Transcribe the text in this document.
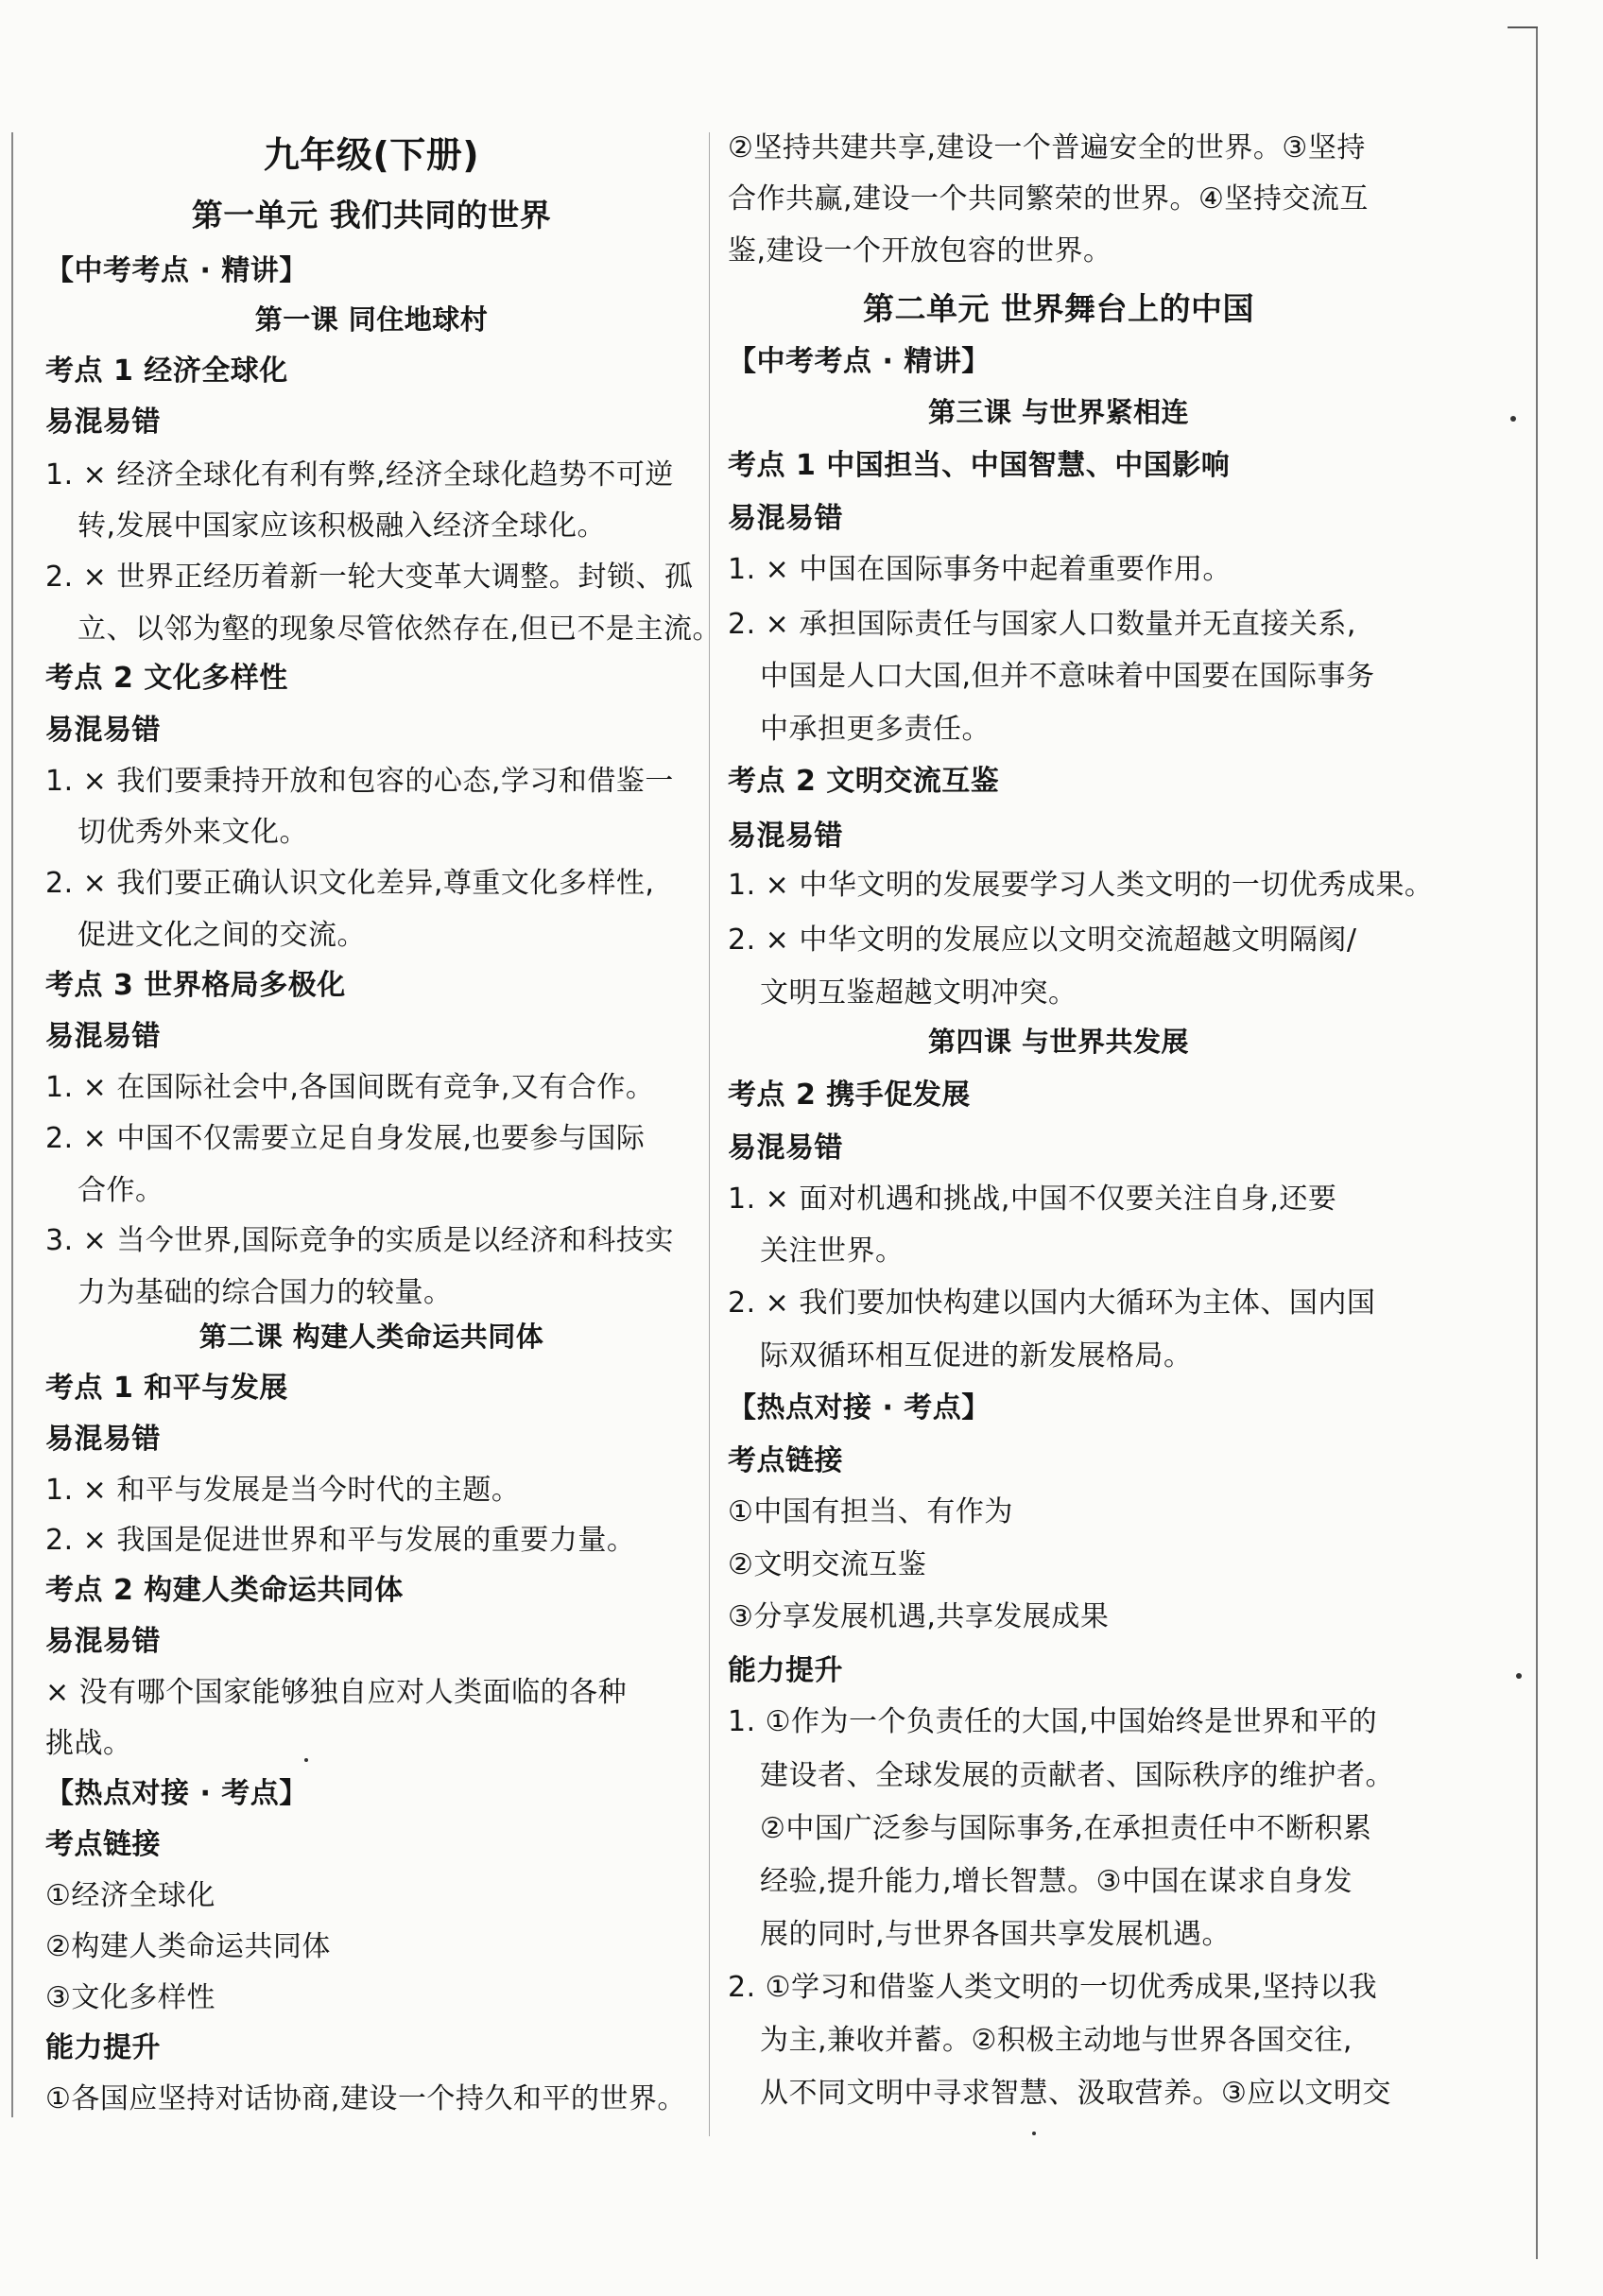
九年级(下册)
第一单元 我们共同的世界
【中考考点 · 精讲】
第一课 同住地球村
考点 1 经济全球化
易混易错
1. × 经济全球化有利有弊,经济全球化趋势不可逆
转,发展中国家应该积极融入经济全球化。
2. × 世界正经历着新一轮大变革大调整。封锁、孤
立、以邻为壑的现象尽管依然存在,但已不是主流。
考点 2 文化多样性
易混易错
1. × 我们要秉持开放和包容的心态,学习和借鉴一
切优秀外来文化。
2. × 我们要正确认识文化差异,尊重文化多样性,
促进文化之间的交流。
考点 3 世界格局多极化
易混易错
1. × 在国际社会中,各国间既有竞争,又有合作。
2. × 中国不仅需要立足自身发展,也要参与国际
合作。
3. × 当今世界,国际竞争的实质是以经济和科技实
力为基础的综合国力的较量。
第二课 构建人类命运共同体
考点 1 和平与发展
易混易错
1. × 和平与发展是当今时代的主题。
2. × 我国是促进世界和平与发展的重要力量。
考点 2 构建人类命运共同体
易混易错
× 没有哪个国家能够独自应对人类面临的各种
挑战。
【热点对接 · 考点】
考点链接
①经济全球化
②构建人类命运共同体
③文化多样性
能力提升
①各国应坚持对话协商,建设一个持久和平的世界。
②坚持共建共享,建设一个普遍安全的世界。③坚持
合作共赢,建设一个共同繁荣的世界。④坚持交流互
鉴,建设一个开放包容的世界。
第二单元 世界舞台上的中国
【中考考点 · 精讲】
第三课 与世界紧相连
考点 1 中国担当、中国智慧、中国影响
易混易错
1. × 中国在国际事务中起着重要作用。
2. × 承担国际责任与国家人口数量并无直接关系,
中国是人口大国,但并不意味着中国要在国际事务
中承担更多责任。
考点 2 文明交流互鉴
易混易错
1. × 中华文明的发展要学习人类文明的一切优秀成果。
2. × 中华文明的发展应以文明交流超越文明隔阂/
文明互鉴超越文明冲突。
第四课 与世界共发展
考点 2 携手促发展
易混易错
1. × 面对机遇和挑战,中国不仅要关注自身,还要
关注世界。
2. × 我们要加快构建以国内大循环为主体、国内国
际双循环相互促进的新发展格局。
【热点对接 · 考点】
考点链接
①中国有担当、有作为
②文明交流互鉴
③分享发展机遇,共享发展成果
能力提升
1. ①作为一个负责任的大国,中国始终是世界和平的
建设者、全球发展的贡献者、国际秩序的维护者。
②中国广泛参与国际事务,在承担责任中不断积累
经验,提升能力,增长智慧。③中国在谋求自身发
展的同时,与世界各国共享发展机遇。
2. ①学习和借鉴人类文明的一切优秀成果,坚持以我
为主,兼收并蓄。②积极主动地与世界各国交往,
从不同文明中寻求智慧、汲取营养。③应以文明交
